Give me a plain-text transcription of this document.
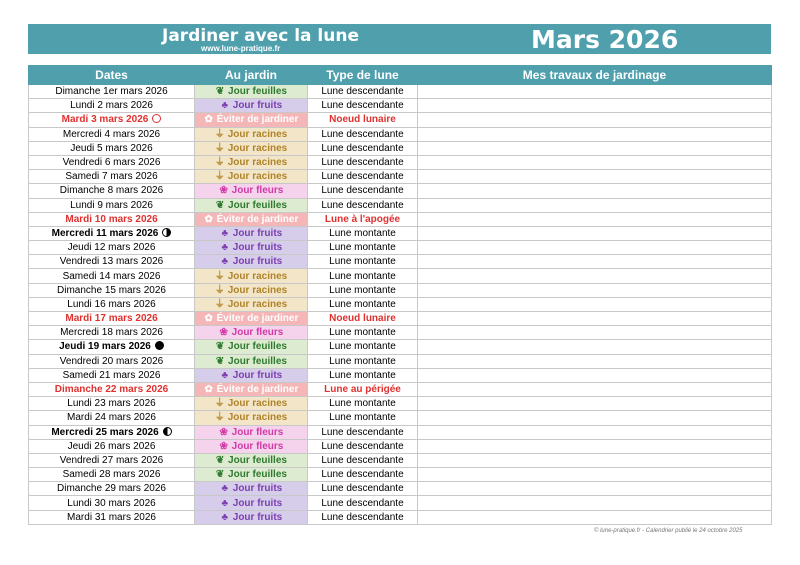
Jardiner avec la lune
www.lune-pratique.fr	Mars 2026
Dates	Au jardin	Type de lune	Mes travaux de jardinage
Dimanche 1er mars 2026	❦ Jour feuilles	Lune descendante	
Lundi 2 mars 2026	♣ Jour fruits	Lune descendante	
Mardi 3 mars 2026	✿ Éviter de jardiner	Noeud lunaire	
Mercredi 4 mars 2026	⏚ Jour racines	Lune descendante	
Jeudi 5 mars 2026	⏚ Jour racines	Lune descendante	
Vendredi 6 mars 2026	⏚ Jour racines	Lune descendante	
Samedi 7 mars 2026	⏚ Jour racines	Lune descendante	
Dimanche 8 mars 2026	❀ Jour fleurs	Lune descendante	
Lundi 9 mars 2026	❦ Jour feuilles	Lune descendante	
Mardi 10 mars 2026	✿ Éviter de jardiner	Lune à l'apogée	
Mercredi 11 mars 2026	♣ Jour fruits	Lune montante	
Jeudi 12 mars 2026	♣ Jour fruits	Lune montante	
Vendredi 13 mars 2026	♣ Jour fruits	Lune montante	
Samedi 14 mars 2026	⏚ Jour racines	Lune montante	
Dimanche 15 mars 2026	⏚ Jour racines	Lune montante	
Lundi 16 mars 2026	⏚ Jour racines	Lune montante	
Mardi 17 mars 2026	✿ Éviter de jardiner	Noeud lunaire	
Mercredi 18 mars 2026	❀ Jour fleurs	Lune montante	
Jeudi 19 mars 2026	❦ Jour feuilles	Lune montante	
Vendredi 20 mars 2026	❦ Jour feuilles	Lune montante	
Samedi 21 mars 2026	♣ Jour fruits	Lune montante	
Dimanche 22 mars 2026	✿ Éviter de jardiner	Lune au périgée	
Lundi 23 mars 2026	⏚ Jour racines	Lune montante	
Mardi 24 mars 2026	⏚ Jour racines	Lune montante	
Mercredi 25 mars 2026	❀ Jour fleurs	Lune descendante	
Jeudi 26 mars 2026	❀ Jour fleurs	Lune descendante	
Vendredi 27 mars 2026	❦ Jour feuilles	Lune descendante	
Samedi 28 mars 2026	❦ Jour feuilles	Lune descendante	
Dimanche 29 mars 2026	♣ Jour fruits	Lune descendante	
Lundi 30 mars 2026	♣ Jour fruits	Lune descendante	
Mardi 31 mars 2026	♣ Jour fruits	Lune descendante	
© lune-pratique.fr - Calendrier publié le 24 octobre 2025
